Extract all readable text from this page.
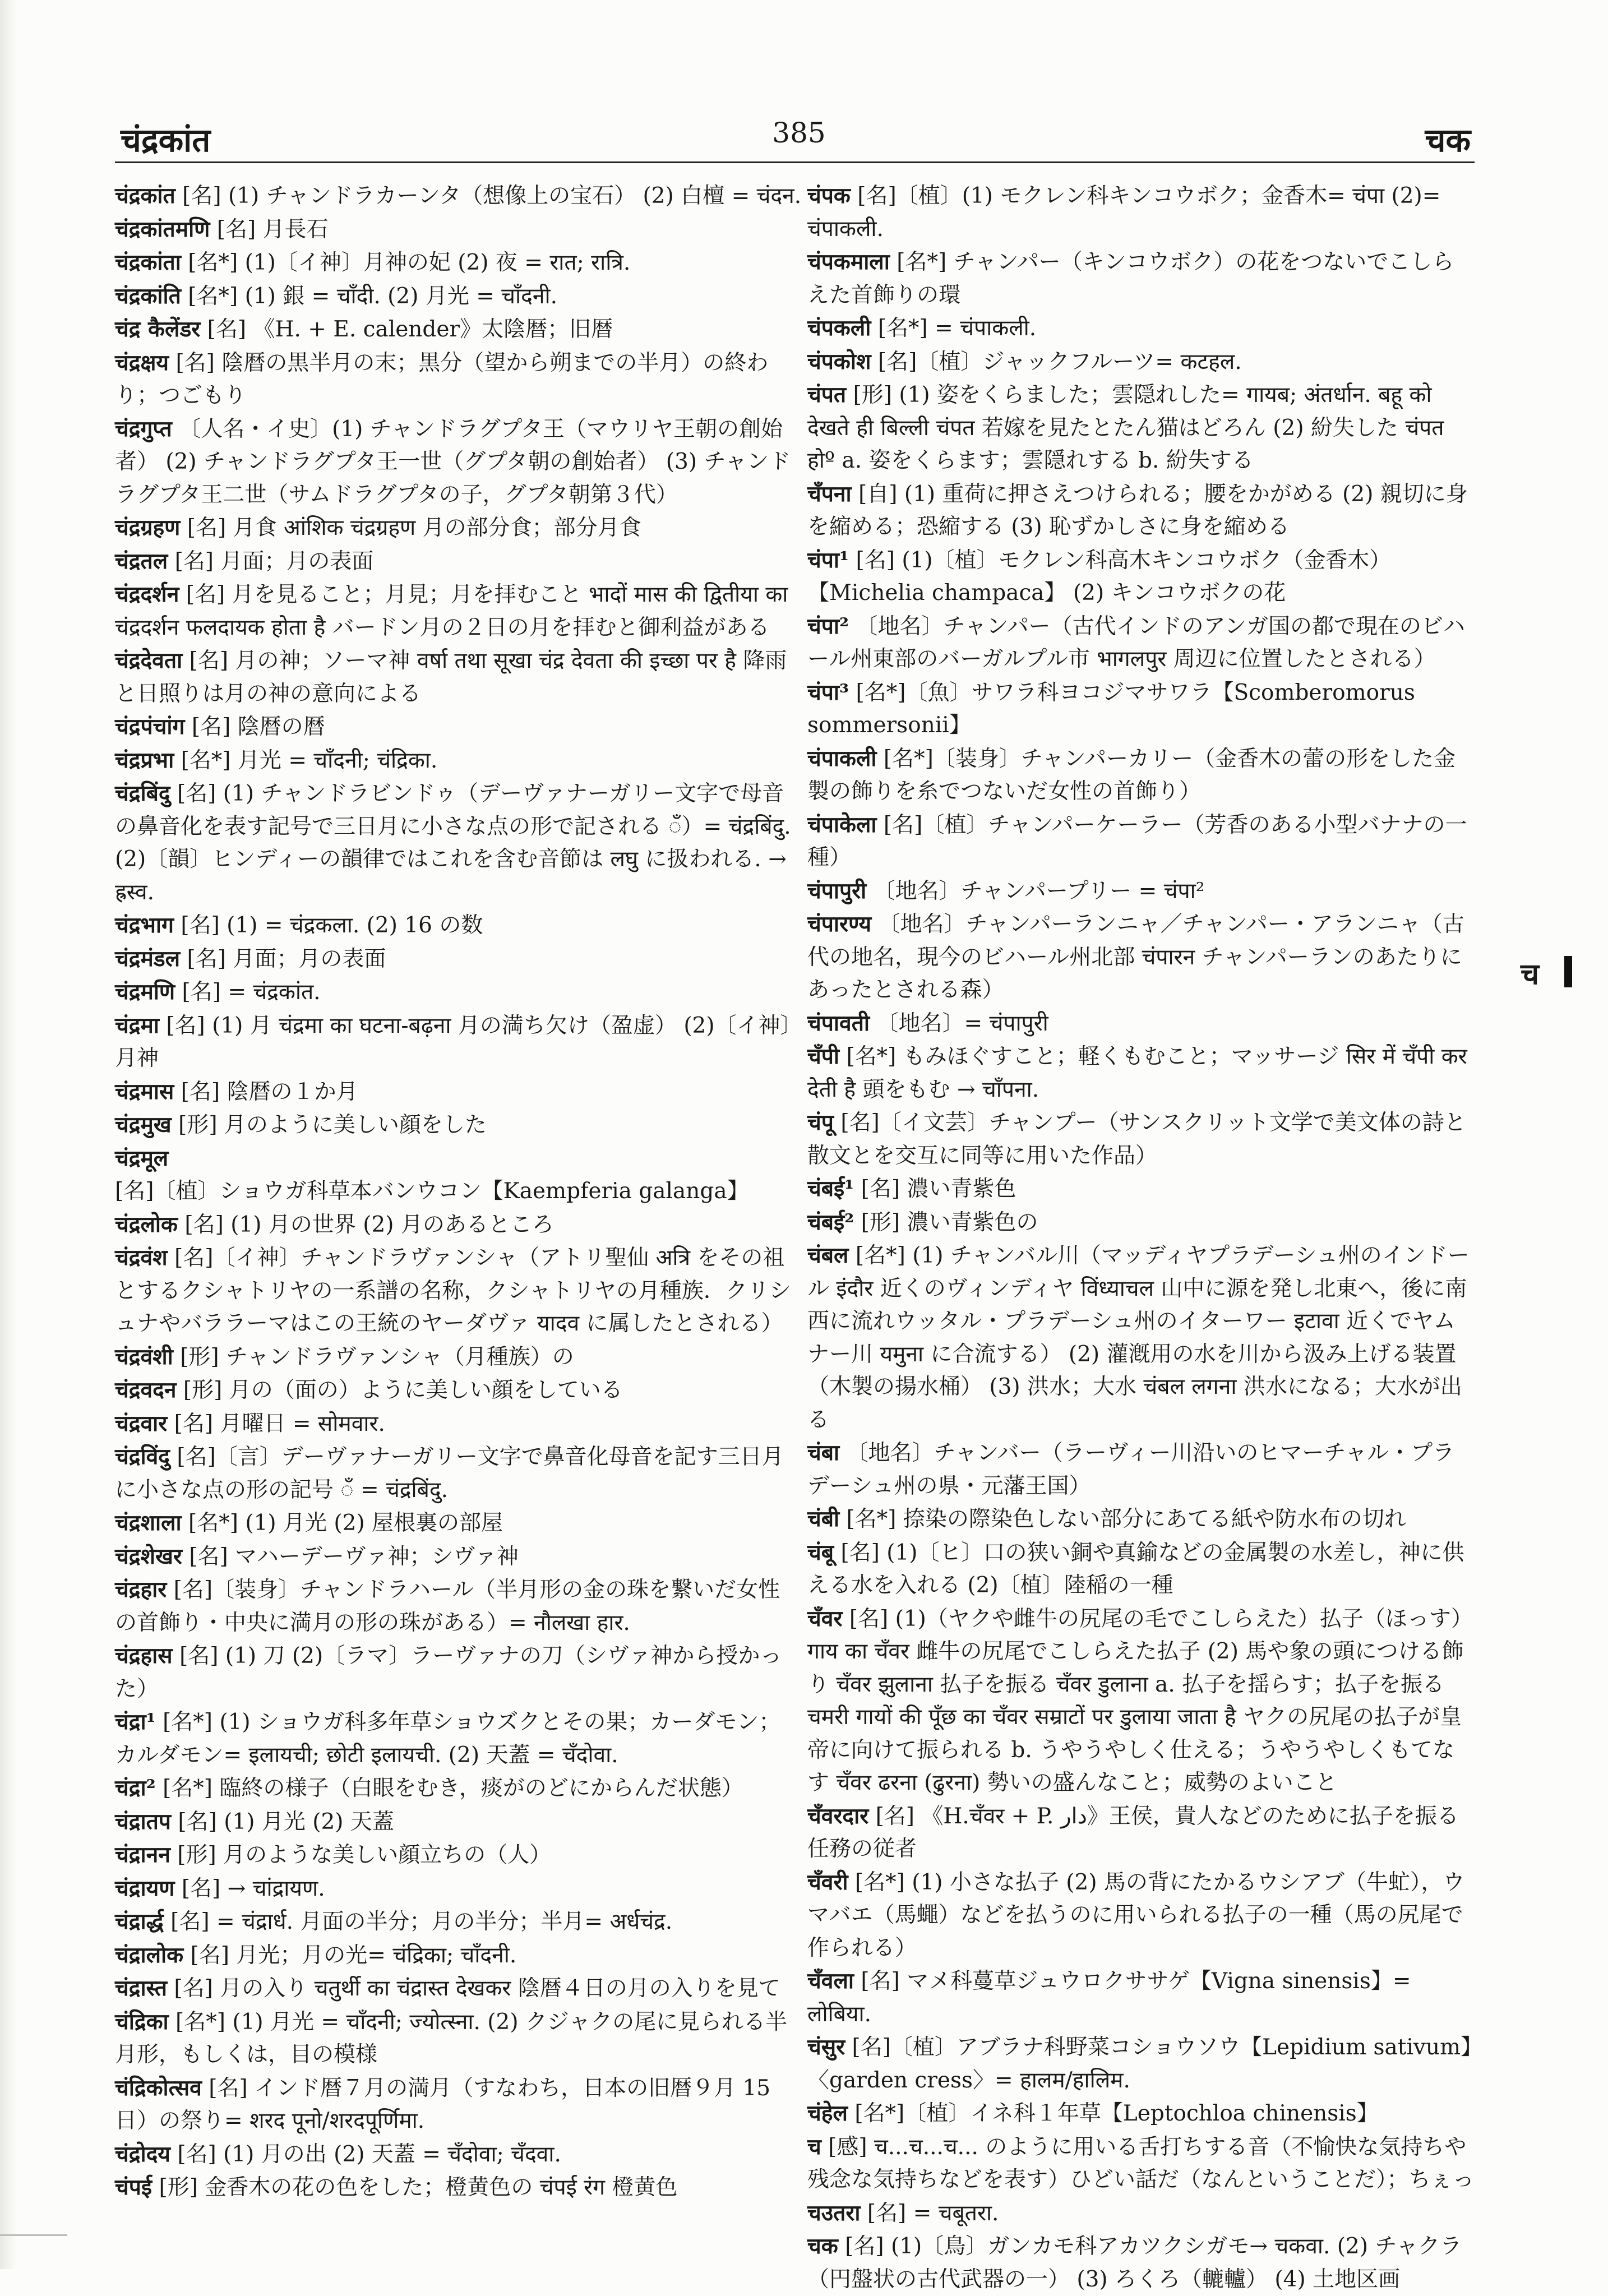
चंद्रकांत	385	चक
चंद्रकांत [名] (1) チャンドラカーンタ（想像上の宝石） (2) 白檀 = चंदन.
चंद्रकांतमणि [名] 月長石
चंद्रकांता [名*] (1)〔イ神〕月神の妃 (2) 夜 = रात; रात्रि.
चंद्रकांति [名*] (1) 銀 = चाँदी. (2) 月光 = चाँदनी.
चंद्र कैलेंडर [名] 《H. + E. calender》太陰暦；旧暦
चंद्रक्षय [名] 陰暦の黒半月の末；黒分（望から朔までの半月）の終わり；つごもり
चंद्रगुप्त 〔人名・イ史〕(1) チャンドラグプタ王（マウリヤ王朝の創始者） (2) チャンドラグプタ王一世（グプタ朝の創始者） (3) チャンドラグプタ王二世（サムドラグプタの子，グプタ朝第３代）
चंद्रग्रहण [名] 月食 आंशिक चंद्रग्रहण 月の部分食；部分月食
चंद्रतल [名] 月面；月の表面
चंद्रदर्शन [名] 月を見ること；月見；月を拝むこと भादों मास की द्वितीया का चंद्रदर्शन फलदायक होता है バードン月の２日の月を拝むと御利益がある
चंद्रदेवता [名] 月の神；ソーマ神 वर्षा तथा सूखा चंद्र देवता की इच्छा पर है 降雨と日照りは月の神の意向による
चंद्रपंचांग [名] 陰暦の暦
चंद्रप्रभा [名*] 月光 = चाँदनी; चंद्रिका.
चंद्रबिंदु [名] (1) チャンドラビンドゥ（デーヴァナーガリー文字で母音の鼻音化を表す記号で三日月に小さな点の形で記される ँ）= चंद्रबिंदु. (2)〔韻〕ヒンディーの韻律ではこれを含む音節は लघु に扱われる. → ह्रस्व.
चंद्रभाग [名] (1) = चंद्रकला. (2) 16 の数
चंद्रमंडल [名] 月面；月の表面
चंद्रमणि [名] = चंद्रकांत.
चंद्रमा [名] (1) 月 चंद्रमा का घटना-बढ़ना 月の満ち欠け（盈虚） (2)〔イ神〕月神
चंद्रमास [名] 陰暦の１か月
चंद्रमुख [形] 月のように美しい顔をした
चंद्रमूल [名]〔植〕ショウガ科草本バンウコン【Kaempferia galanga】
चंद्रलोक [名] (1) 月の世界 (2) 月のあるところ
चंद्रवंश [名]〔イ神〕チャンドラヴァンシャ（アトリ聖仙 अत्रि をその祖とするクシャトリヤの一系譜の名称，クシャトリヤの月種族．クリシュナやバララーマはこの王統のヤーダヴァ यादव に属したとされる）
चंद्रवंशी [形] チャンドラヴァンシャ（月種族）の
चंद्रवदन [形] 月の（面の）ように美しい顔をしている
चंद्रवार [名] 月曜日 = सोमवार.
चंद्रविंदु [名]〔言〕デーヴァナーガリー文字で鼻音化母音を記す三日月に小さな点の形の記号 ँ = चंद्रबिंदु.
चंद्रशाला [名*] (1) 月光 (2) 屋根裏の部屋
चंद्रशेखर [名] マハーデーヴァ神；シヴァ神
चंद्रहार [名]〔装身〕チャンドラハール（半月形の金の珠を繋いだ女性の首飾り・中央に満月の形の珠がある）= नौलखा हार.
चंद्रहास [名] (1) 刀 (2)〔ラマ〕ラーヴァナの刀（シヴァ神から授かった）
चंद्रा¹ [名*] (1) ショウガ科多年草ショウズクとその果；カーダモン；カルダモン= इलायची; छोटी इलायची. (2) 天蓋 = चँदोवा.
चंद्रा² [名*] 臨終の様子（白眼をむき，痰がのどにからんだ状態）
चंद्रातप [名] (1) 月光 (2) 天蓋
चंद्रानन [形] 月のような美しい顔立ちの（人）
चंद्रायण [名] → चांद्रायण.
चंद्रार्द्ध [名] = चंद्रार्ध. 月面の半分；月の半分；半月= अर्धचंद्र.
चंद्रालोक [名] 月光；月の光= चंद्रिका; चाँदनी.
चंद्रास्त [名] 月の入り चतुर्थी का चंद्रास्त देखकर 陰暦４日の月の入りを見て
चंद्रिका [名*] (1) 月光 = चाँदनी; ज्योत्स्ना. (2) クジャクの尾に見られる半月形，もしくは，目の模様
चंद्रिकोत्सव [名] インド暦７月の満月（すなわち，日本の旧暦９月 15 日）の祭り= शरद पूनो/शरदपूर्णिमा.
चंद्रोदय [名] (1) 月の出 (2) 天蓋 = चँदोवा; चँदवा.
चंपई [形] 金香木の花の色をした；橙黄色の चंपई रंग 橙黄色
चंपक [名]〔植〕(1) モクレン科キンコウボク；金香木= चंपा (2)= चंपाकली.
चंपकमाला [名*] チャンパー（キンコウボク）の花をつないでこしらえた首飾りの環
चंपकली [名*] = चंपाकली.
चंपकोश [名]〔植〕ジャックフルーツ= कटहल.
चंपत [形] (1) 姿をくらました；雲隠れした= गायब; अंतर्धान. बहू को देखते ही बिल्ली चंपत 若嫁を見たとたん猫はどろん (2) 紛失した चंपत होº a. 姿をくらます；雲隠れする b. 紛失する
चँपना [自] (1) 重荷に押さえつけられる；腰をかがめる (2) 親切に身を縮める；恐縮する (3) 恥ずかしさに身を縮める
चंपा¹ [名] (1)〔植〕モクレン科高木キンコウボク（金香木）【Michelia champaca】 (2) キンコウボクの花
चंपा² 〔地名〕チャンパー（古代インドのアンガ国の都で現在のビハール州東部のバーガルプル市 भागलपुर 周辺に位置したとされる）
चंपा³ [名*]〔魚〕サワラ科ヨコジマサワラ【Scomberomorus sommersonii】
चंपाकली [名*]〔装身〕チャンパーカリー（金香木の蕾の形をした金製の飾りを糸でつないだ女性の首飾り）
चंपाकेला [名]〔植〕チャンパーケーラー（芳香のある小型バナナの一種）
चंपापुरी 〔地名〕チャンパープリー = चंपा²
चंपारण्य 〔地名〕チャンパーランニャ／チャンパー・アランニャ（古代の地名，現今のビハール州北部 चंपारन チャンパーランのあたりにあったとされる森）
चंपावती 〔地名〕= चंपापुरी
चँपी [名*] もみほぐすこと；軽くもむこと；マッサージ सिर में चँपी कर देती है 頭をもむ → चाँपना.
चंपू [名]〔イ文芸〕チャンプー（サンスクリット文学で美文体の詩と散文とを交互に同等に用いた作品）
चंबई¹ [名] 濃い青紫色
चंबई² [形] 濃い青紫色の
चंबल [名*] (1) チャンバル川（マッディヤプラデーシュ州のインドール इंदौर 近くのヴィンディヤ विंध्याचल 山中に源を発し北東へ，後に南西に流れウッタル・プラデーシュ州のイターワー इटावा 近くでヤムナー川 यमुना に合流する） (2) 灌漑用の水を川から汲み上げる装置（木製の揚水桶） (3) 洪水；大水 चंबल लगना 洪水になる；大水が出る
चंबा 〔地名〕チャンバー（ラーヴィー川沿いのヒマーチャル・プラデーシュ州の県・元藩王国）
चंबी [名*] 捺染の際染色しない部分にあてる紙や防水布の切れ
चंबू [名] (1)〔ヒ〕口の狭い銅や真鍮などの金属製の水差し，神に供える水を入れる (2)〔植〕陸稲の一種
चँवर [名] (1)（ヤクや雌牛の尻尾の毛でこしらえた）払子（ほっす） गाय का चँवर 雌牛の尻尾でこしらえた払子 (2) 馬や象の頭につける飾り चँवर झुलाना 払子を振る चँवर डुलाना a. 払子を揺らす；払子を振る चमरी गायों की पूँछ का चँवर सम्राटों पर डुलाया जाता है ヤクの尻尾の払子が皇帝に向けて振られる b. うやうやしく仕える；うやうやしくもてなす चँवर ढरना (ढुरना) 勢いの盛んなこと；威勢のよいこと
चँवरदार [名] 《H.चँवर + P. دار》王侯，貴人などのために払子を振る任務の従者
चँवरी [名*] (1) 小さな払子 (2) 馬の背にたかるウシアブ（牛虻），ウマバエ（馬蠅）などを払うのに用いられる払子の一種（馬の尻尾で作られる）
चँवला [名] マメ科蔓草ジュウロクササゲ【Vigna sinensis】= लोबिया.
चंसुर [名]〔植〕アブラナ科野菜コショウソウ【Lepidium sativum】〈garden cress〉= हालम/हालिम.
चंहेल [名*]〔植〕イネ科１年草【Leptochloa chinensis】
च [感] च...च...च... のように用いる舌打ちする音（不愉快な気持ちや残念な気持ちなどを表す）ひどい話だ（なんということだ）；ちぇっ
चउतरा [名] = चबूतरा.
चक [名] (1)〔鳥〕ガンカモ科アカツクシガモ→ चकवा. (2) チャクラ（円盤状の古代武器の一） (3) ろくろ（轆轤） (4) 土地区画
च
